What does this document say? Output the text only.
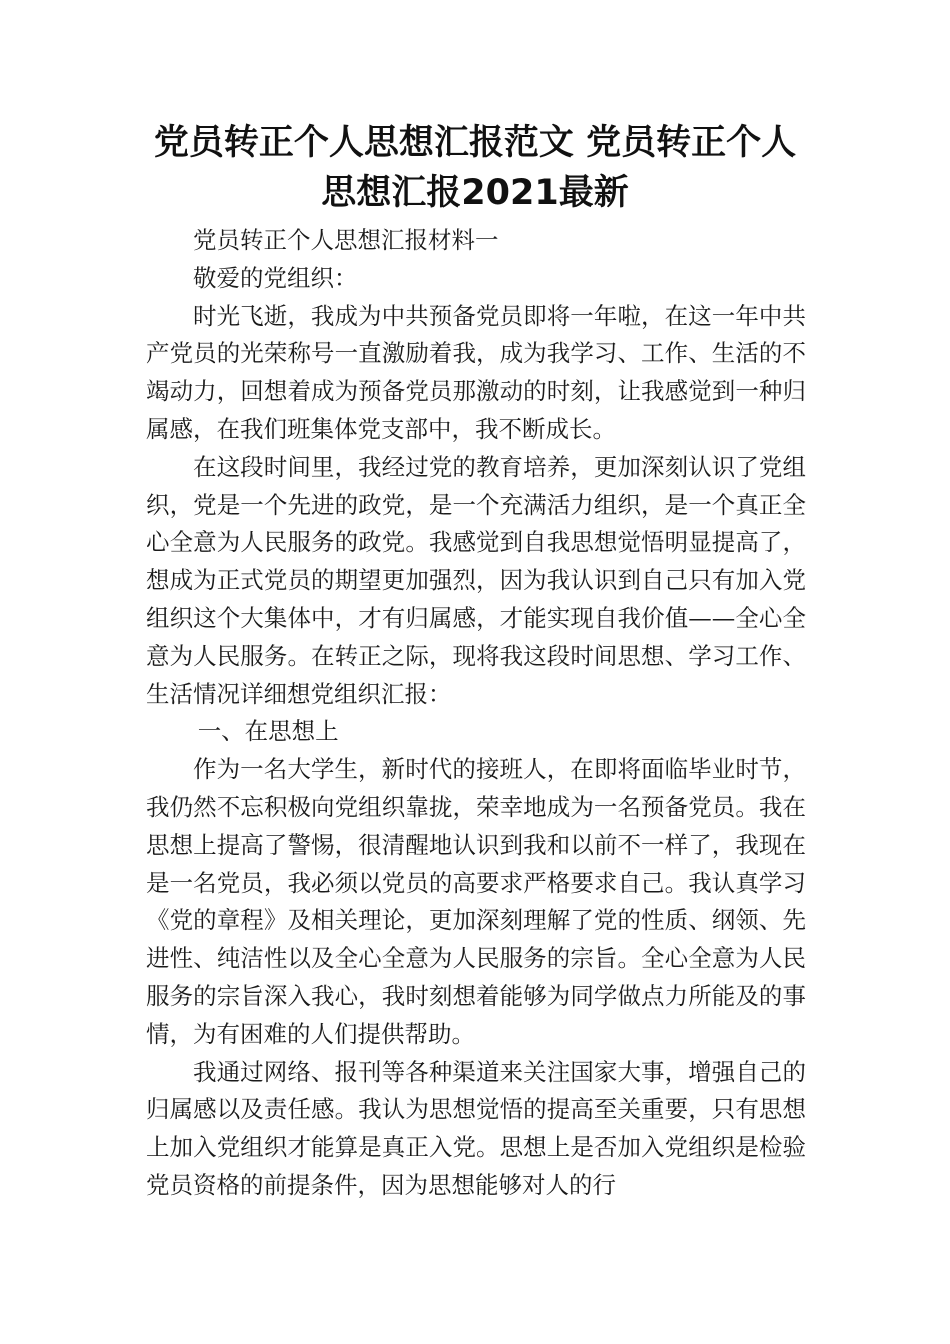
党员转正个人思想汇报范文 党员转正个人思想汇报2021最新

党员转正个人思想汇报材料一

敬爱的党组织：

时光飞逝，我成为中共预备党员即将一年啦，在这一年中共产党员的光荣称号一直激励着我，成为我学习、工作、生活的不竭动力，回想着成为预备党员那激动的时刻，让我感觉到一种归属感，在我们班集体党支部中，我不断成长。

在这段时间里，我经过党的教育培养，更加深刻认识了党组织，党是一个先进的政党，是一个充满活力组织，是一个真正全心全意为人民服务的政党。我感觉到自我思想觉悟明显提高了，想成为正式党员的期望更加强烈，因为我认识到自己只有加入党组织这个大集体中，才有归属感，才能实现自我价值——全心全意为人民服务。在转正之际，现将我这段时间思想、学习工作、生活情况详细想党组织汇报：

一、在思想上

作为一名大学生，新时代的接班人，在即将面临毕业时节，我仍然不忘积极向党组织靠拢，荣幸地成为一名预备党员。我在思想上提高了警惕，很清醒地认识到我和以前不一样了，我现在是一名党员，我必须以党员的高要求严格要求自己。我认真学习《党的章程》及相关理论，更加深刻理解了党的性质、纲领、先进性、纯洁性以及全心全意为人民服务的宗旨。全心全意为人民服务的宗旨深入我心，我时刻想着能够为同学做点力所能及的事情，为有困难的人们提供帮助。

我通过网络、报刊等各种渠道来关注国家大事，增强自己的归属感以及责任感。我认为思想觉悟的提高至关重要，只有思想上加入党组织才能算是真正入党。思想上是否加入党组织是检验党员资格的前提条件，因为思想能够对人的行
